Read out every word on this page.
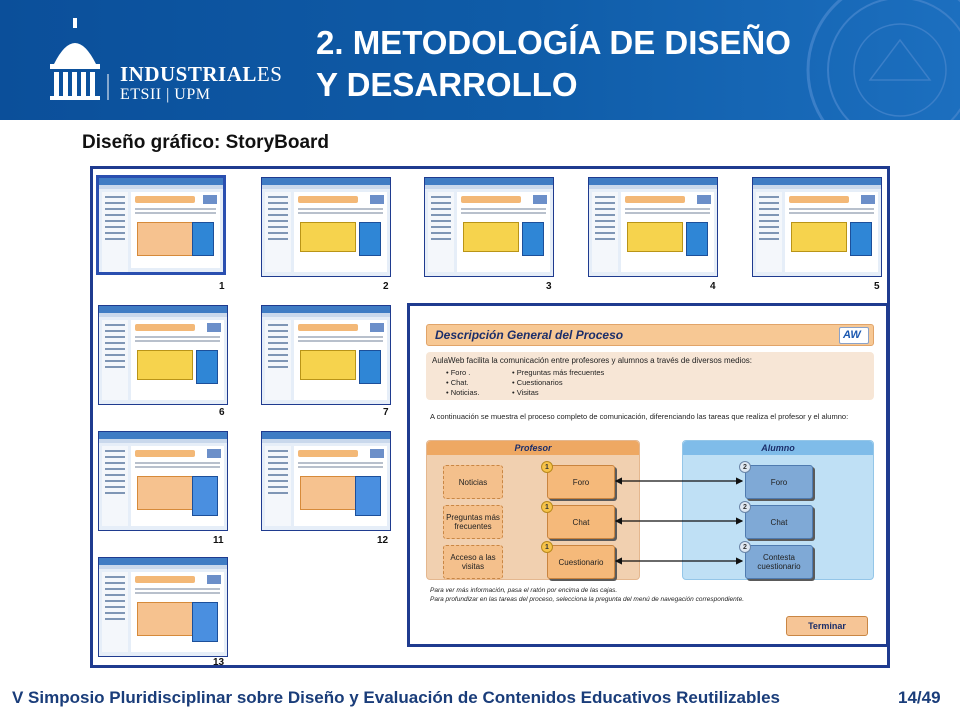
INDUSTRIALES
ETSII | UPM
2. METODOLOGÍA DE DISEÑO
Y DESARROLLO
Diseño gráfico: StoryBoard
1	2	3	4	5
6	7
11	12
13
Descripción General del Proceso	AW

AulaWeb facilita la comunicación entre profesores y alumnos a través de diversos medios:

• Foro .
• Chat.
• Noticias.
• Preguntas más frecuentes
• Cuestionarios
• Visitas
A continuación se muestra el proceso completo de comunicación, diferenciando las tareas que realiza el profesor y el alumno:
Profesor
Noticias
Preguntas más frecuentes
Acceso a las visitas
Foro
Chat
Cuestionario
1
1
1
Alumno
Foro
Chat
Contesta cuestionario
2
2
2
Para ver más información, pasa el ratón por encima de las cajas.
Para profundizar en las tareas del proceso, selecciona la pregunta del menú de navegación correspondiente.
Terminar
V Simposio Pluridisciplinar sobre Diseño y Evaluación de Contenidos Educativos Reutilizables	14/49
